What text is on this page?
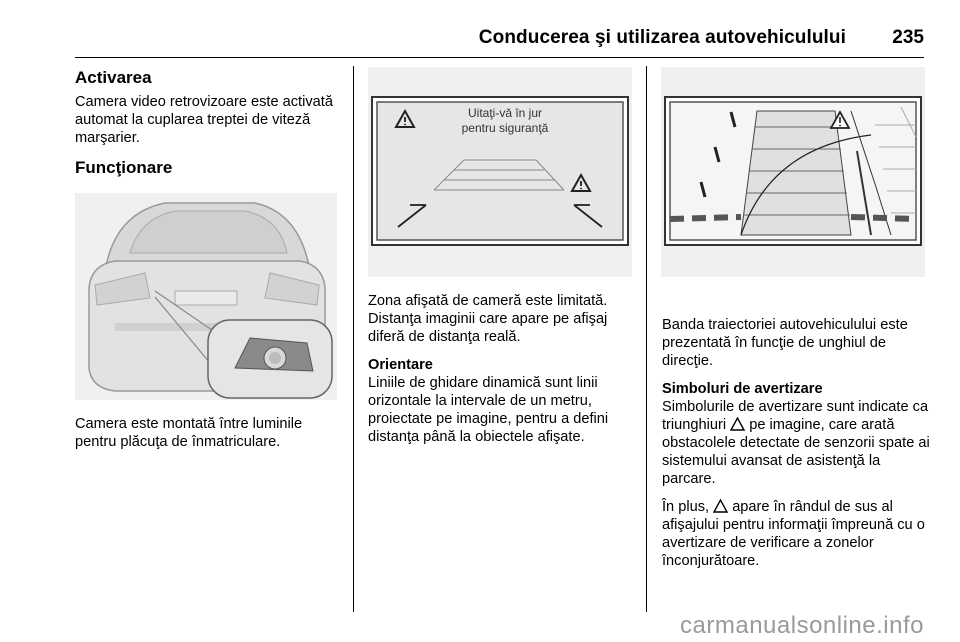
Conducerea şi utilizarea autovehiculului 235
Activarea

Camera video retrovizoare este activată automat la cuplarea treptei de viteză marşarier.

Funcţionare

Camera este montată între luminile pentru plăcuţa de înmatriculare.

Uitaţi-vă în jur
pentru siguranţă

Zona afişată de cameră este limitată. Distanţa imaginii care apare pe afişaj diferă de distanţa reală.

Orientare

Liniile de ghidare dinamică sunt linii orizontale la intervale de un metru, proiectate pe imagine, pentru a defini distanţa până la obiectele afişate.

Banda traiectoriei autovehiculului este prezentată în funcţie de unghiul de direcţie.

Simboluri de avertizare

Simbolurile de avertizare sunt indicate ca triunghiuri pe imagine, care arată obstacolele detectate de senzorii spate ai sistemului avansat de asistenţă la parcare.

În plus, apare în rândul de sus al afişajului pentru informaţii împreună cu o avertizare de verificare a zonelor înconjurătoare.

carmanualsonline.info
